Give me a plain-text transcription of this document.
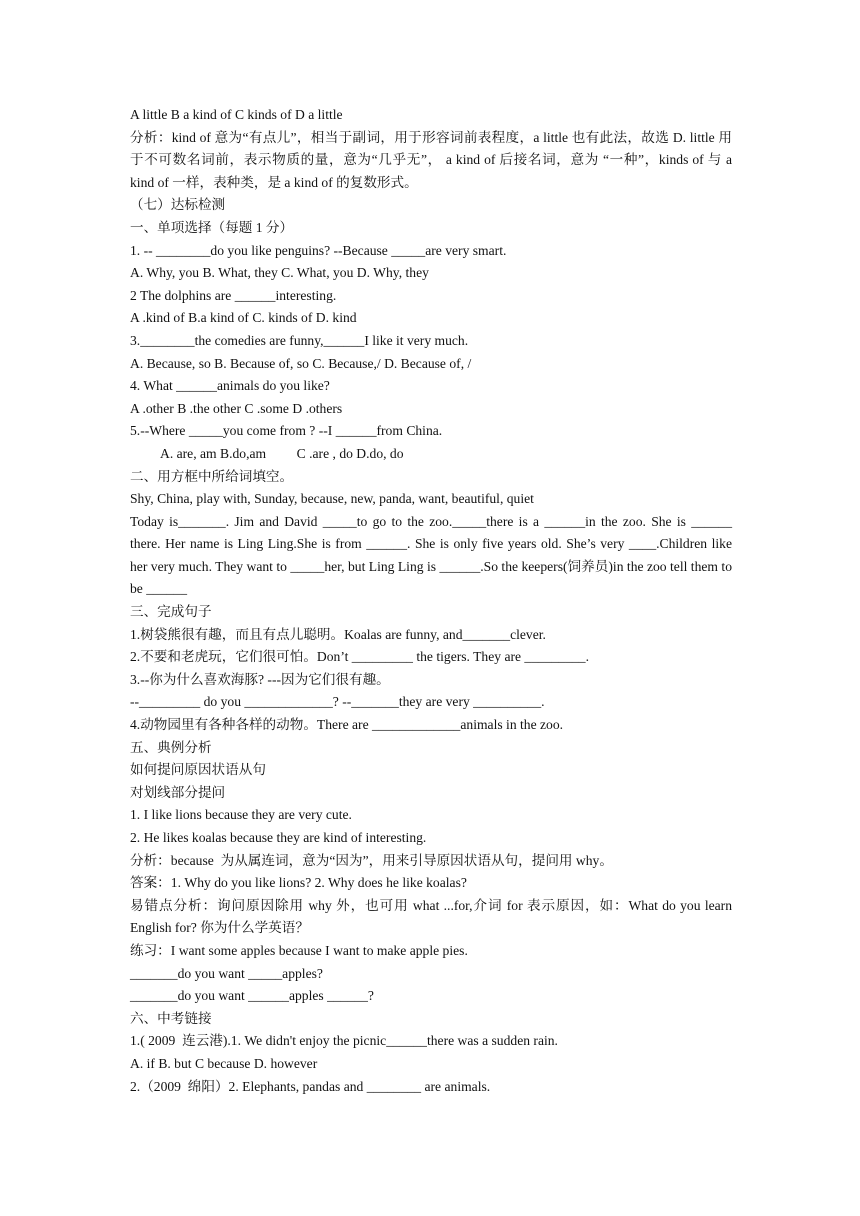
A little B a kind of C kinds of D a little

分析：kind of 意为“有点儿”，相当于副词，用于形容词前表程度，a little 也有此法，故选 D. little 用于不可数名词前，表示物质的量，意为“几乎无”， a kind of 后接名词，意为 “一种”，kinds of 与 a kind of 一样，表种类，是 a kind of 的复数形式。

（七）达标检测

一、单项选择（每题 1 分）

1. -- ________do you like penguins? --Because _____are very smart.

A. Why, you B. What, they C. What, you D. Why, they

2 The dolphins are ______interesting.

A .kind of B.a kind of C. kinds of D. kind

3.________the comedies are funny,______I like it very much.

A. Because, so B. Because of, so C. Because,/ D. Because of, /

4. What ______animals do you like?

A .other B .the other C .some D .others

5.--Where _____you come from ? --I ______from China.

A. are, am B.do,am         C .are , do D.do, do

二、用方框中所给词填空。

Shy, China, play with, Sunday, because, new, panda, want, beautiful, quiet

Today is_______. Jim and David _____to go to the zoo._____there is a ______in the zoo. She is ______ there. Her name is Ling Ling.She is from ______. She is only five years old. She’s very ____.Children like her very much. They want to _____her, but Ling Ling is ______.So the keepers(饲养员)in the zoo tell them to be ______

三、完成句子

1.树袋熊很有趣，而且有点儿聪明。Koalas are funny, and_______clever.

2.不要和老虎玩，它们很可怕。Don’t _________ the tigers. They are _________.

3.--你为什么喜欢海豚? ---因为它们很有趣。

--_________ do you _____________? --_______they are very __________.

4.动物园里有各种各样的动物。There are _____________animals in the zoo.

五、典例分析

如何提问原因状语从句

对划线部分提问

1. I like lions because they are very cute.

2. He likes koalas because they are kind of interesting.

分析：because  为从属连词，意为“因为”，用来引导原因状语从句，提问用 why。

答案：1. Why do you like lions? 2. Why does he like koalas?

易错点分析：询问原因除用 why 外，也可用 what ...for,介词 for 表示原因，如：What do you learn English for? 你为什么学英语？

练习：I want some apples because I want to make apple pies.

_______do you want _____apples?

_______do you want ______apples ______?

六、中考链接

1.( 2009  连云港).1. We didn't enjoy the picnic______there was a sudden rain.

A. if B. but C because D. however

2.（2009  绵阳）2. Elephants, pandas and ________ are animals.
